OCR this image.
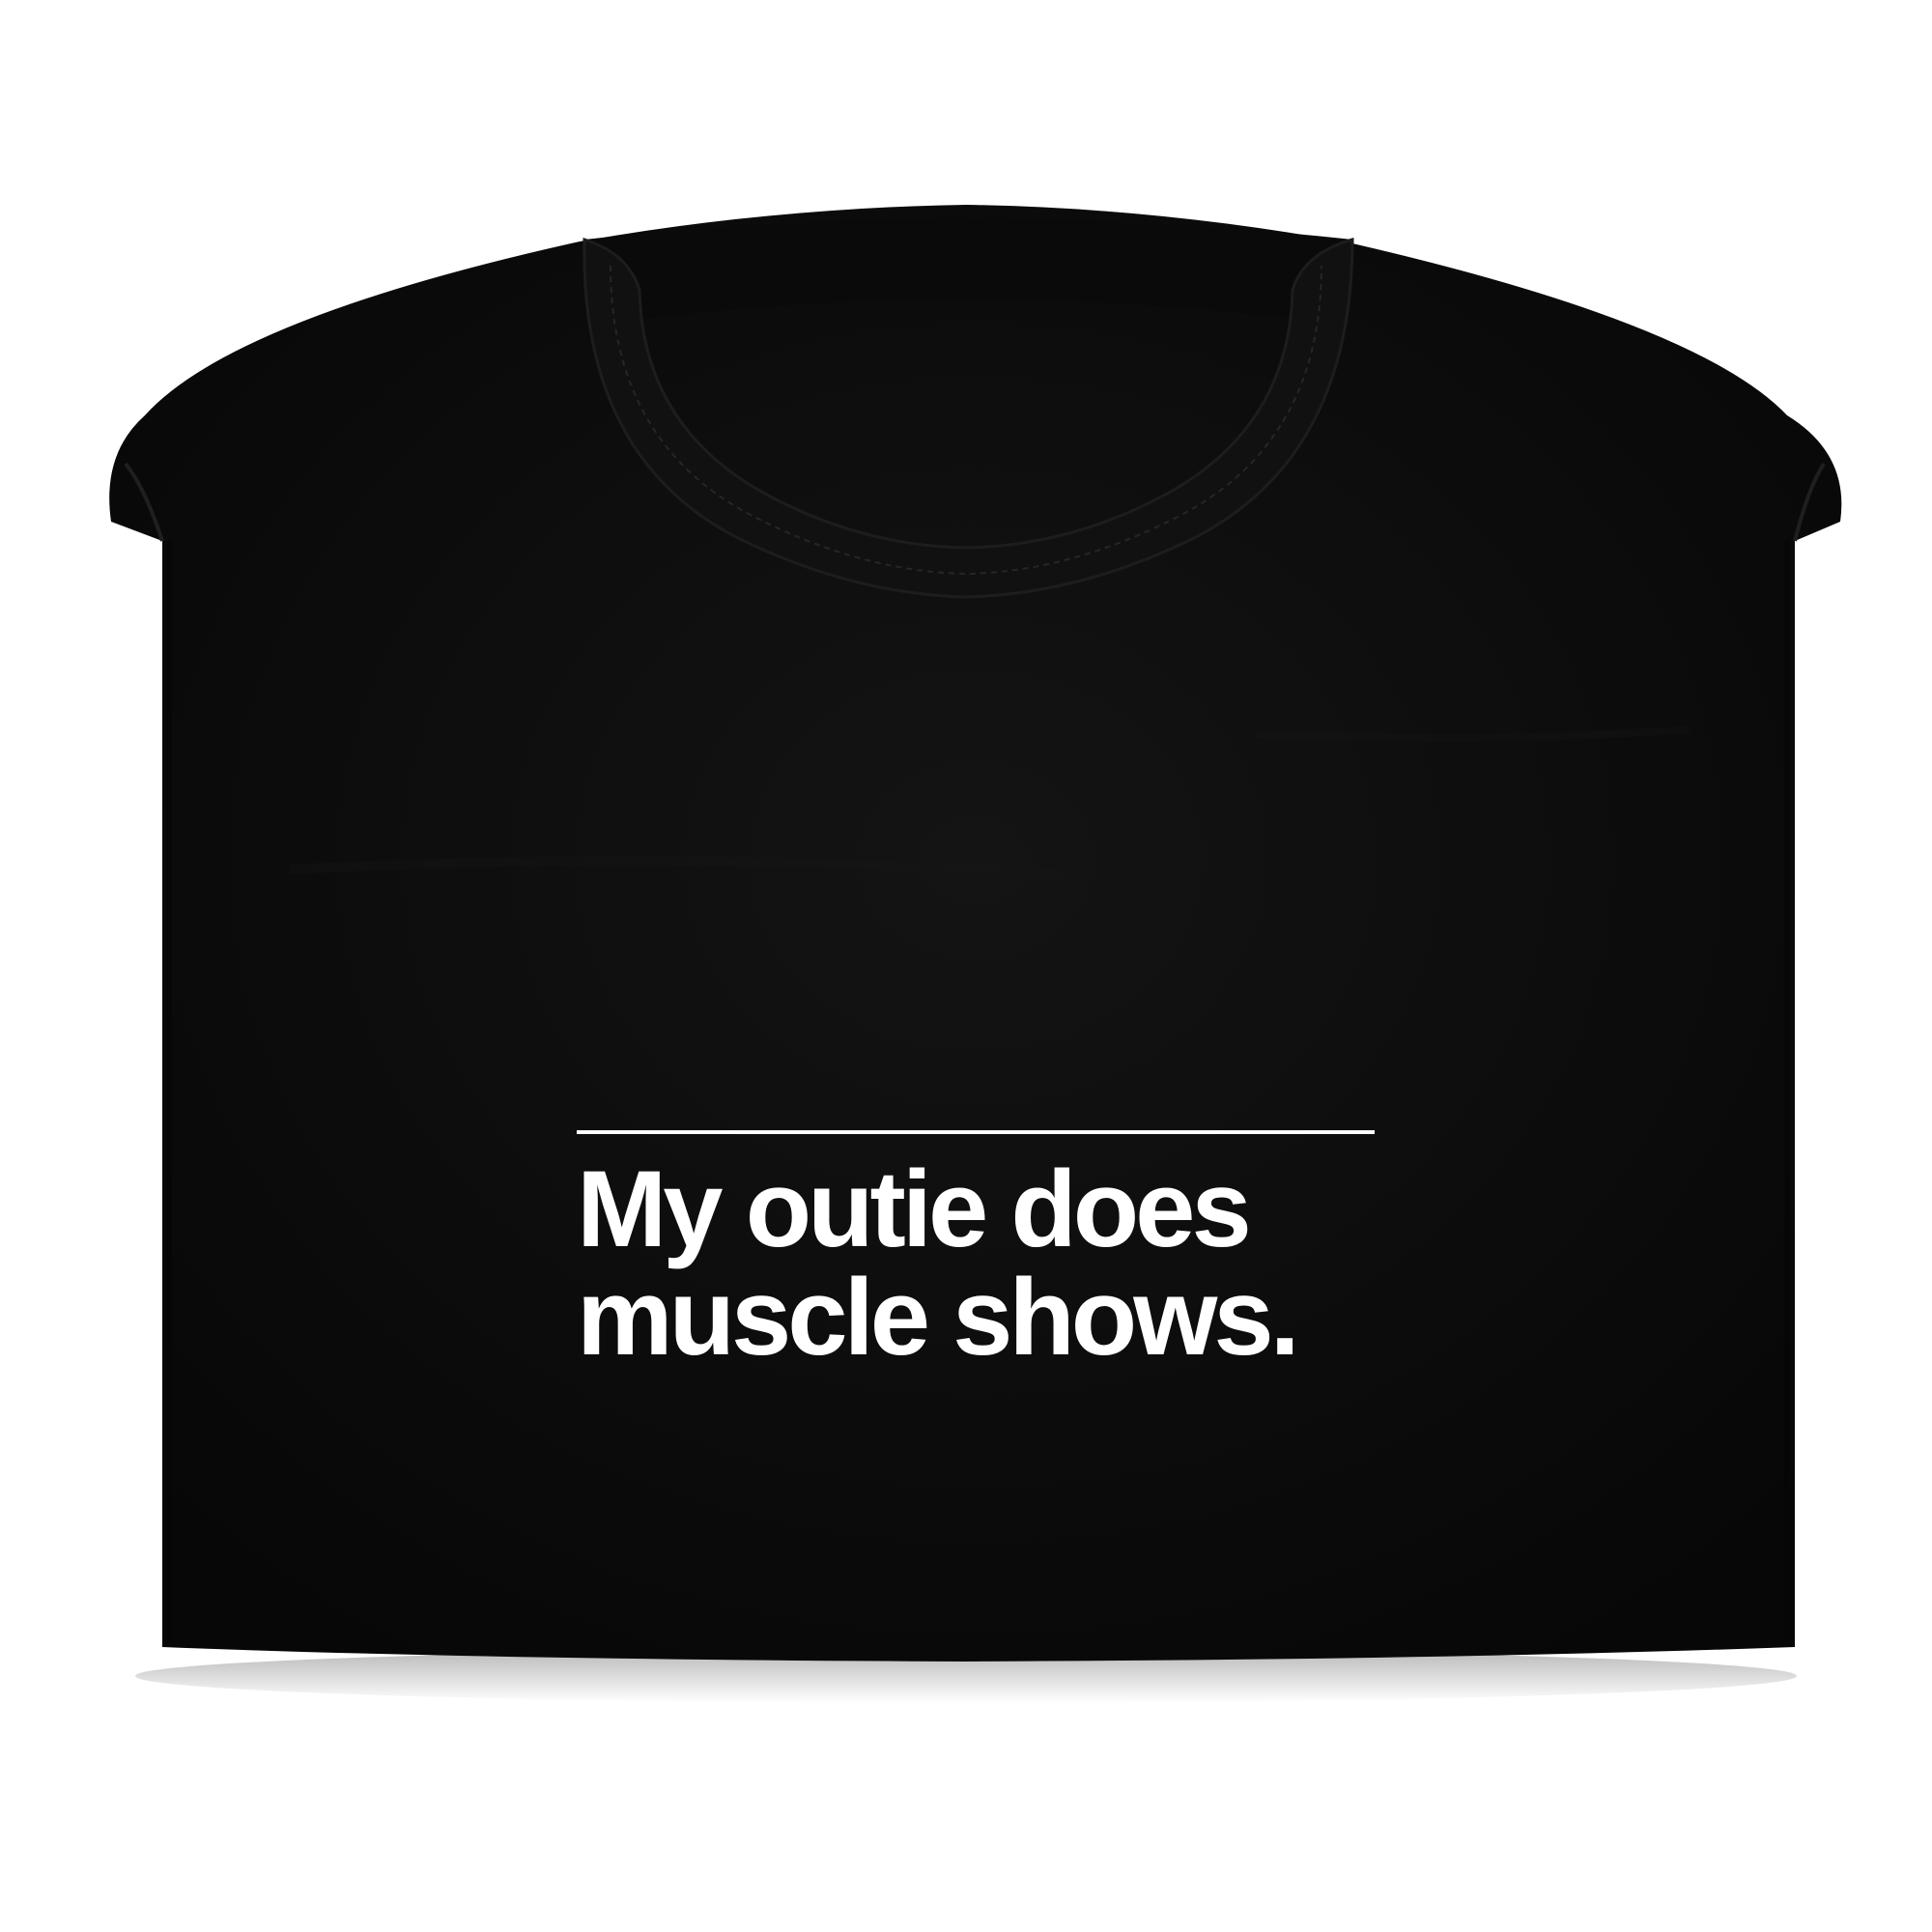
My outie does
muscle shows.
